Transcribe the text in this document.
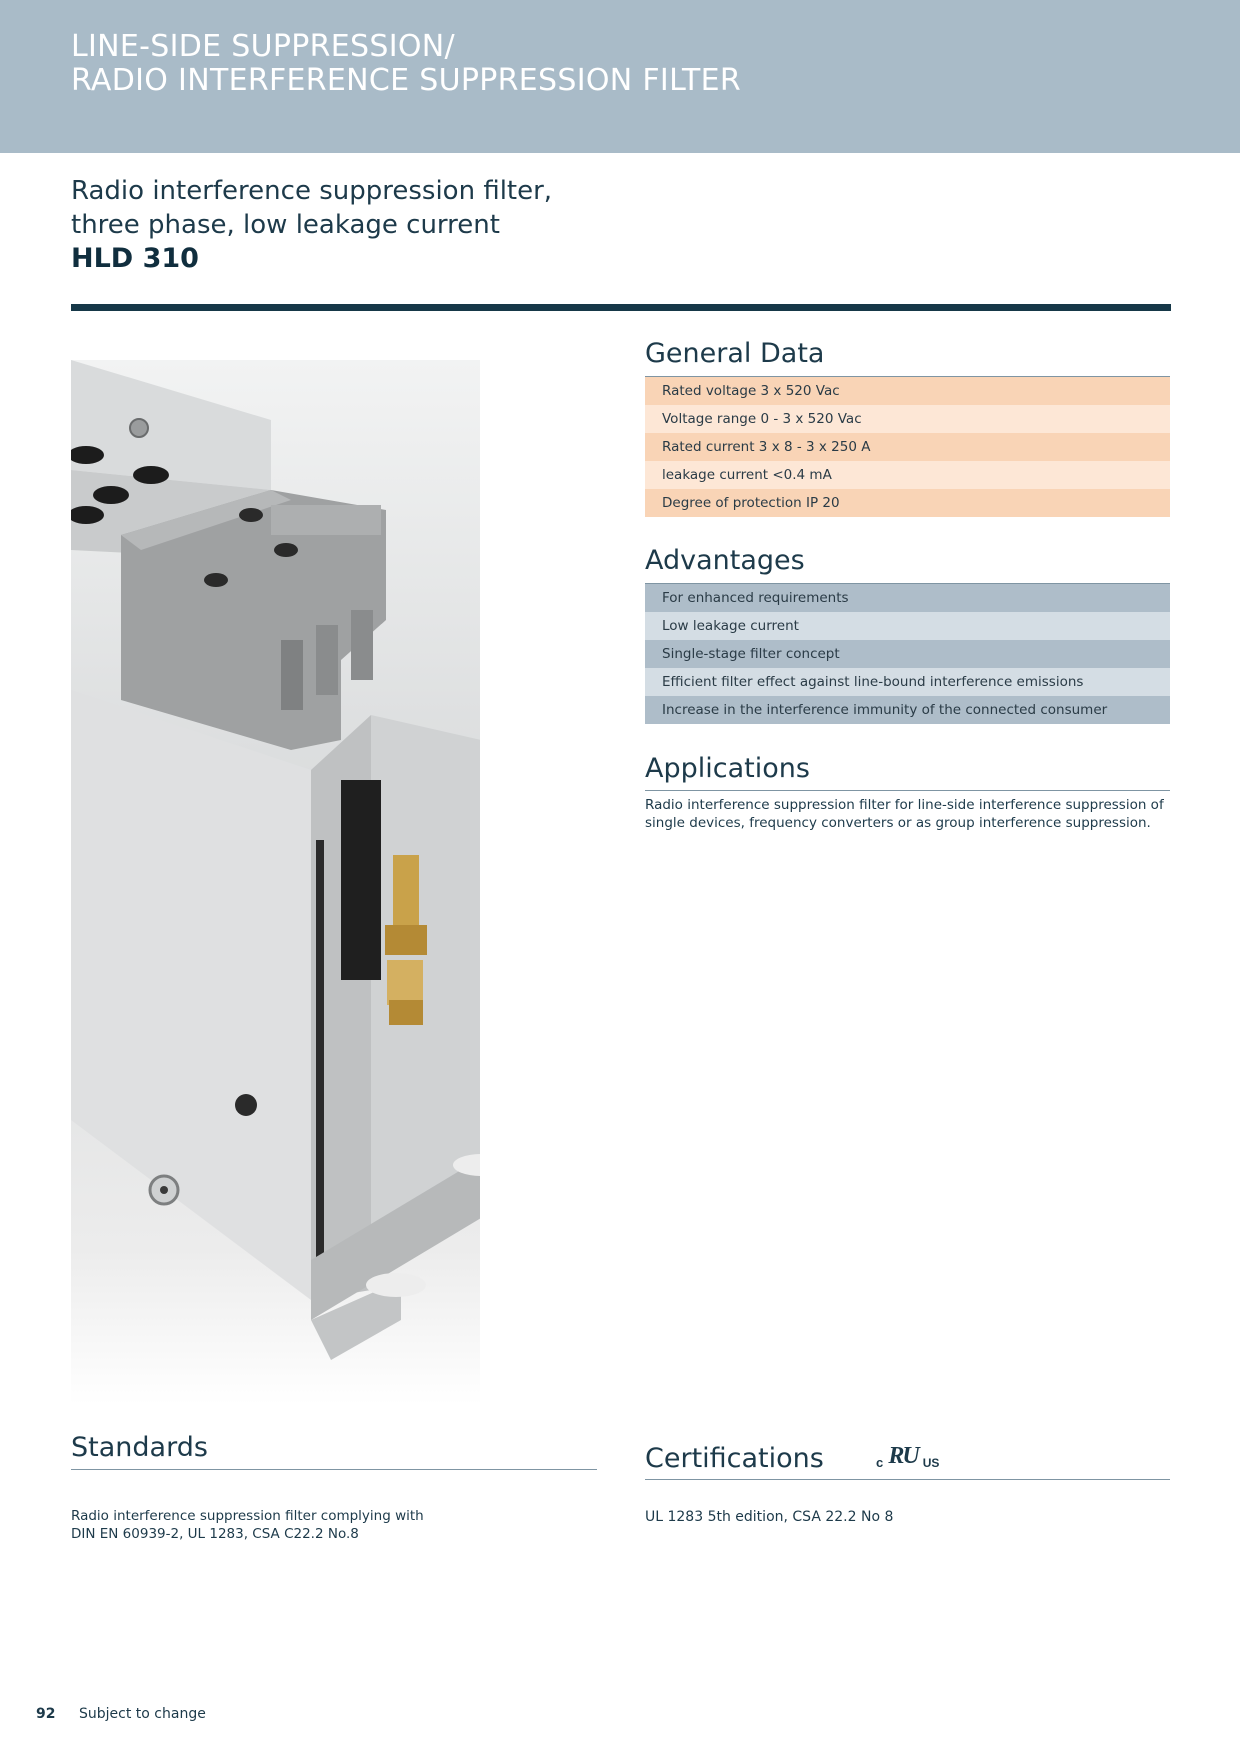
LINE-SIDE SUPPRESSION/
RADIO INTERFERENCE SUPPRESSION FILTER
Radio interference suppression filter,
three phase, low leakage current
HLD 310
General Data
Rated voltage 3 x 520 Vac
Voltage range 0 - 3 x 520 Vac
Rated current 3 x 8 - 3 x 250 A
leakage current <0.4 mA
Degree of protection IP 20
Advantages
For enhanced requirements
Low leakage current
Single-stage filter concept
Efficient filter effect against line-bound interference emissions
Increase in the interference immunity of the connected consumer
Applications
Radio interference suppression filter for line-side interference suppression of
single devices, frequency converters or as group interference suppression.
Standards
Radio interference suppression filter complying with
DIN EN 60939-2, UL 1283, CSA C22.2 No.8
Certifications	c RU US
UL 1283 5th edition, CSA 22.2 No 8
92 Subject to change
